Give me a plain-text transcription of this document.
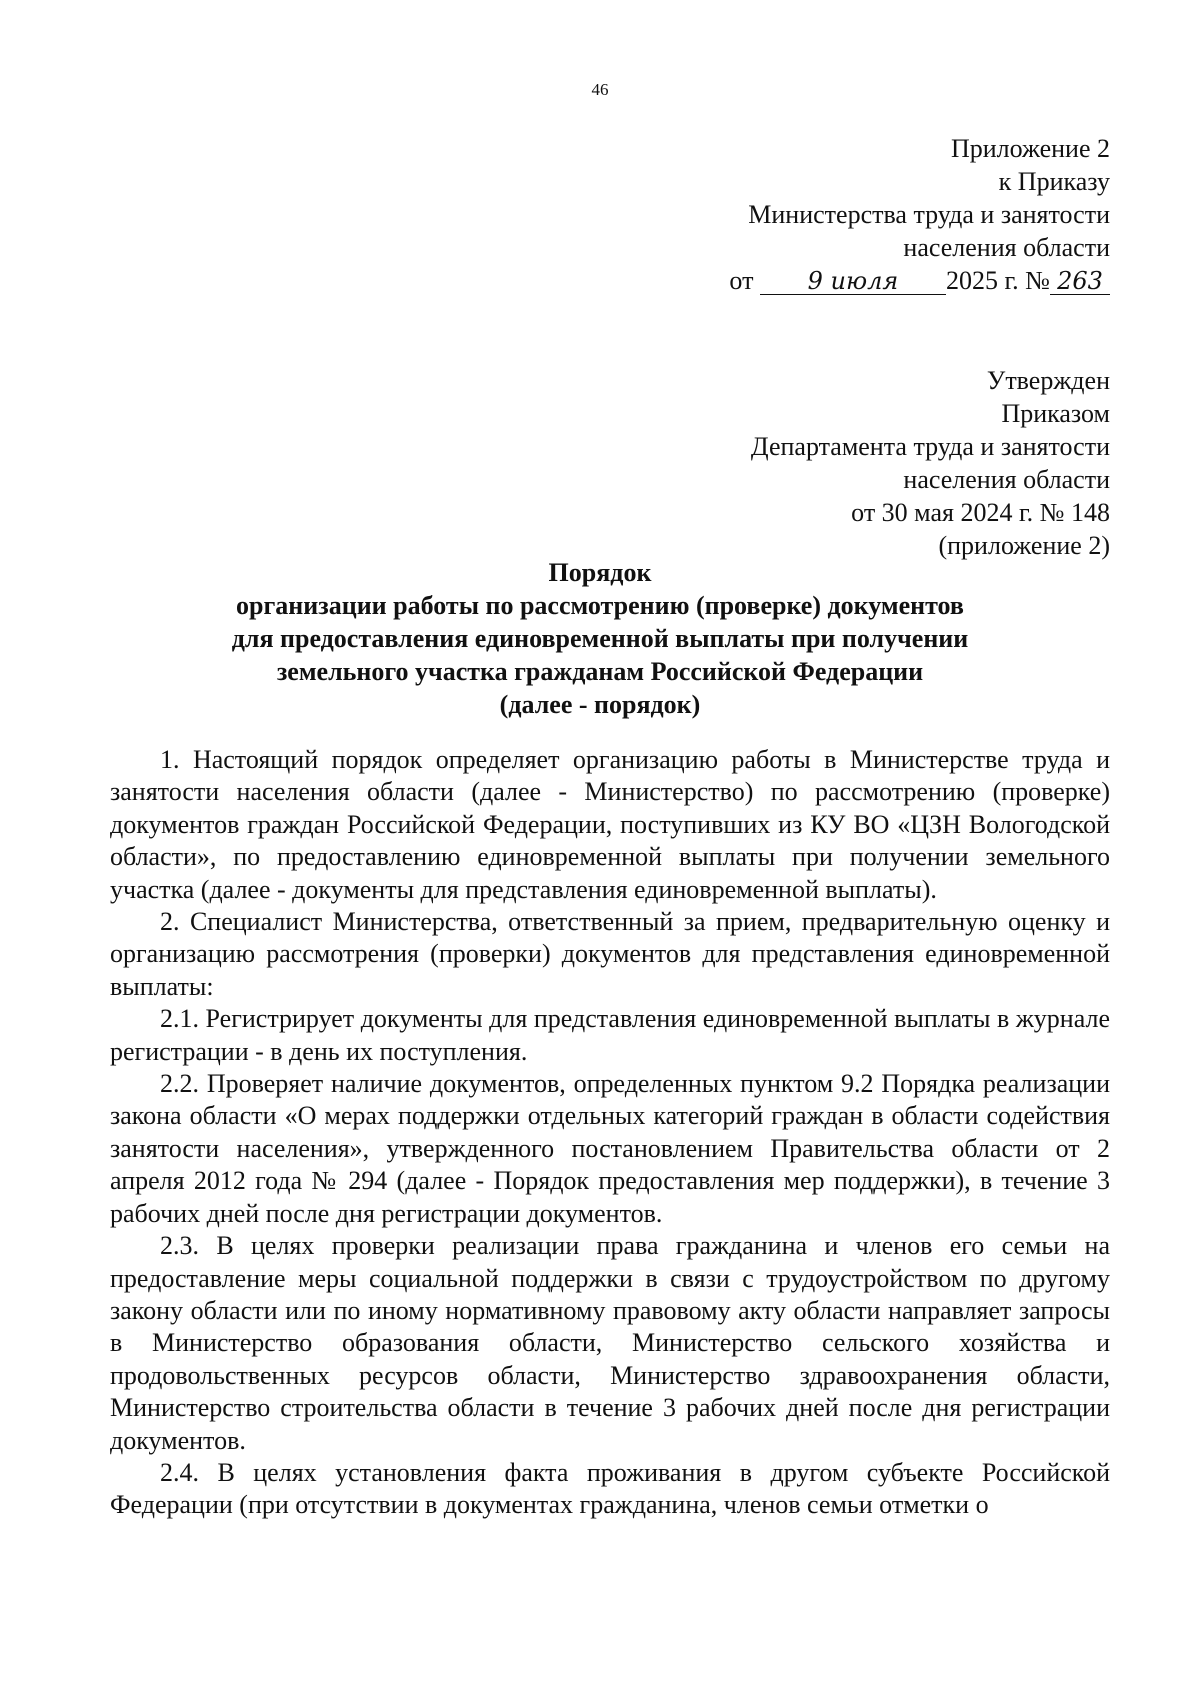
46
Приложение 2
к Приказу
Министерства труда и занятости
населения области
от 9 июля 2025 г. № 263
Утвержден
Приказом
Департамента труда и занятости
населения области
от 30 мая 2024 г. № 148
(приложение 2)
Порядок
организации работы по рассмотрению (проверке) документов
для предоставления единовременной выплаты при получении
земельного участка гражданам Российской Федерации
(далее - порядок)

1. Настоящий порядок определяет организацию работы в Министерстве труда и занятости населения области (далее - Министерство) по рассмотрению (проверке) документов граждан Российской Федерации, поступивших из КУ ВО «ЦЗН Вологодской области», по предоставлению единовременной выплаты при получении земельного участка (далее - документы для представления единовременной выплаты).

2. Специалист Министерства, ответственный за прием, предварительную оценку и организацию рассмотрения (проверки) документов для представления единовременной выплаты:

2.1. Регистрирует документы для представления единовременной выплаты в журнале регистрации - в день их поступления.

2.2. Проверяет наличие документов, определенных пунктом 9.2 Порядка реализации закона области «О мерах поддержки отдельных категорий граждан в области содействия занятости населения», утвержденного постановлением Правительства области от 2 апреля 2012 года № 294 (далее - Порядок предоставления мер поддержки), в течение 3 рабочих дней после дня регистрации документов.

2.3. В целях проверки реализации права гражданина и членов его семьи на предоставление меры социальной поддержки в связи с трудоустройством по другому закону области или по иному нормативному правовому акту области направляет запросы в Министерство образования области, Министерство сельского хозяйства и продовольственных ресурсов области, Министерство здравоохранения области, Министерство строительства области в течение 3 рабочих дней после дня регистрации документов.

2.4. В целях установления факта проживания в другом субъекте Российской Федерации (при отсутствии в документах гражданина, членов семьи отметки о
